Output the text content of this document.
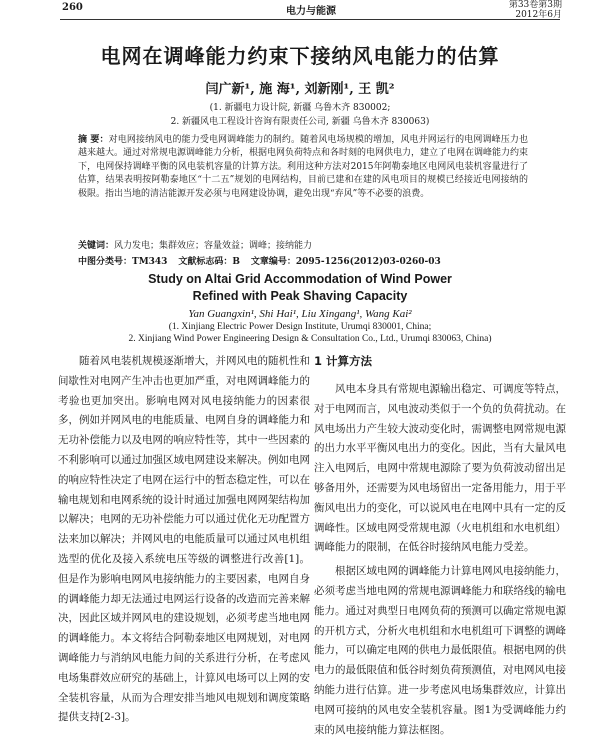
260	电力与能源
第33卷第3期
2012年6月
电网在调峰能力约束下接纳风电能力的估算
闫广新¹, 施 海¹, 刘新刚¹, 王 凯²
(1. 新疆电力设计院, 新疆 乌鲁木齐 830002;
2. 新疆风电工程设计咨询有限责任公司, 新疆 乌鲁木齐 830063)
摘 要：对电网接纳风电的能力受电网调峰能力的制约。随着风电场规模的增加，风电并网运行的电网调峰压力也越来越大。通过对常规电源调峰能力分析，根据电网负荷特点和各时刻的电网供电力，建立了电网在调峰能力约束下，电网保持调峰平衡的风电装机容量的计算方法。利用这种方法对2015年阿勒泰地区电网风电装机容量进行了估算，结果表明按阿勒泰地区“十二五”规划的电网结构，目前已建和在建的风电项目的规模已经接近电网接纳的极限。指出当地的清洁能源开发必须与电网建设协调，避免出现“弃风”等不必要的浪费。
关键词：风力发电；集群效应；容量效益；调峰；接纳能力
中图分类号：TM343 文献标志码：B 文章编号：2095-1256(2012)03-0260-03
Study on Altai Grid Accommodation of Wind Power
Refined with Peak Shaving Capacity
Yan Guangxin¹, Shi Hai¹, Liu Xingang¹, Wang Kai²
(1. Xinjiang Electric Power Design Institute, Urumqi 830001, China;
2. Xinjiang Wind Power Engineering Design & Consultation Co., Ltd., Urumqi 830063, China)

随着风电装机规模逐渐增大，并网风电的随机性和间歇性对电网产生冲击也更加严重，对电网调峰能力的考验也更加突出。影响电网对风电接纳能力的因素很多，例如并网风电的电能质量、电网自身的调峰能力和无功补偿能力以及电网的响应特性等，其中一些因素的不利影响可以通过加强区域电网建设来解决。例如电网的响应特性决定了电网在运行中的暂态稳定性，可以在输电规划和电网系统的设计时通过加强电网网架结构加以解决；电网的无功补偿能力可以通过优化无功配置方法来加以解决；并网风电的电能质量可以通过风电机组选型的优化及接入系统电压等级的调整进行改善[1]。但是作为影响电网风电接纳能力的主要因素，电网自身的调峰能力却无法通过电网运行设备的改造而完善来解决，因此区域并网风电的建设规划，必须考虑当地电网的调峰能力。本文将结合阿勒泰地区电网规划，对电网调峰能力与消纳风电能力间的关系进行分析，在考虑风电场集群效应研究的基础上，计算风电场可以上网的安全装机容量，从而为合理安排当地风电规划和调度策略提供支持[2-3]。

1 计算方法

风电本身具有常规电源输出稳定、可调度等特点，对于电网而言，风电波动类似于一个负的负荷扰动。在风电场出力产生较大波动变化时，需调整电网常规电源的出力水平平衡风电出力的变化。因此，当有大量风电注入电网后，电网中常规电源除了要为负荷波动留出足够备用外，还需要为风电场留出一定备用能力，用于平衡风电出力的变化，可以说风电在电网中具有一定的反调峰性。区域电网受常规电源（火电机组和水电机组）调峰能力的限制，在低谷时接纳风电能力受差。

根据区域电网的调峰能力计算电网风电接纳能力，必须考虑当地电网的常规电源调峰能力和联络线的输电能力。通过对典型日电网负荷的预测可以确定常规电源的开机方式，分析火电机组和水电机组可下调整的调峰能力，可以确定电网的供电力最低限值。根据电网的供电力的最低限值和低谷时刻负荷预测值，对电网风电接纳能力进行估算。进一步考虑风电场集群效应，计算出电网可接纳的风电安全装机容量。图1为受调峰能力约束的风电接纳能力算法框图。
